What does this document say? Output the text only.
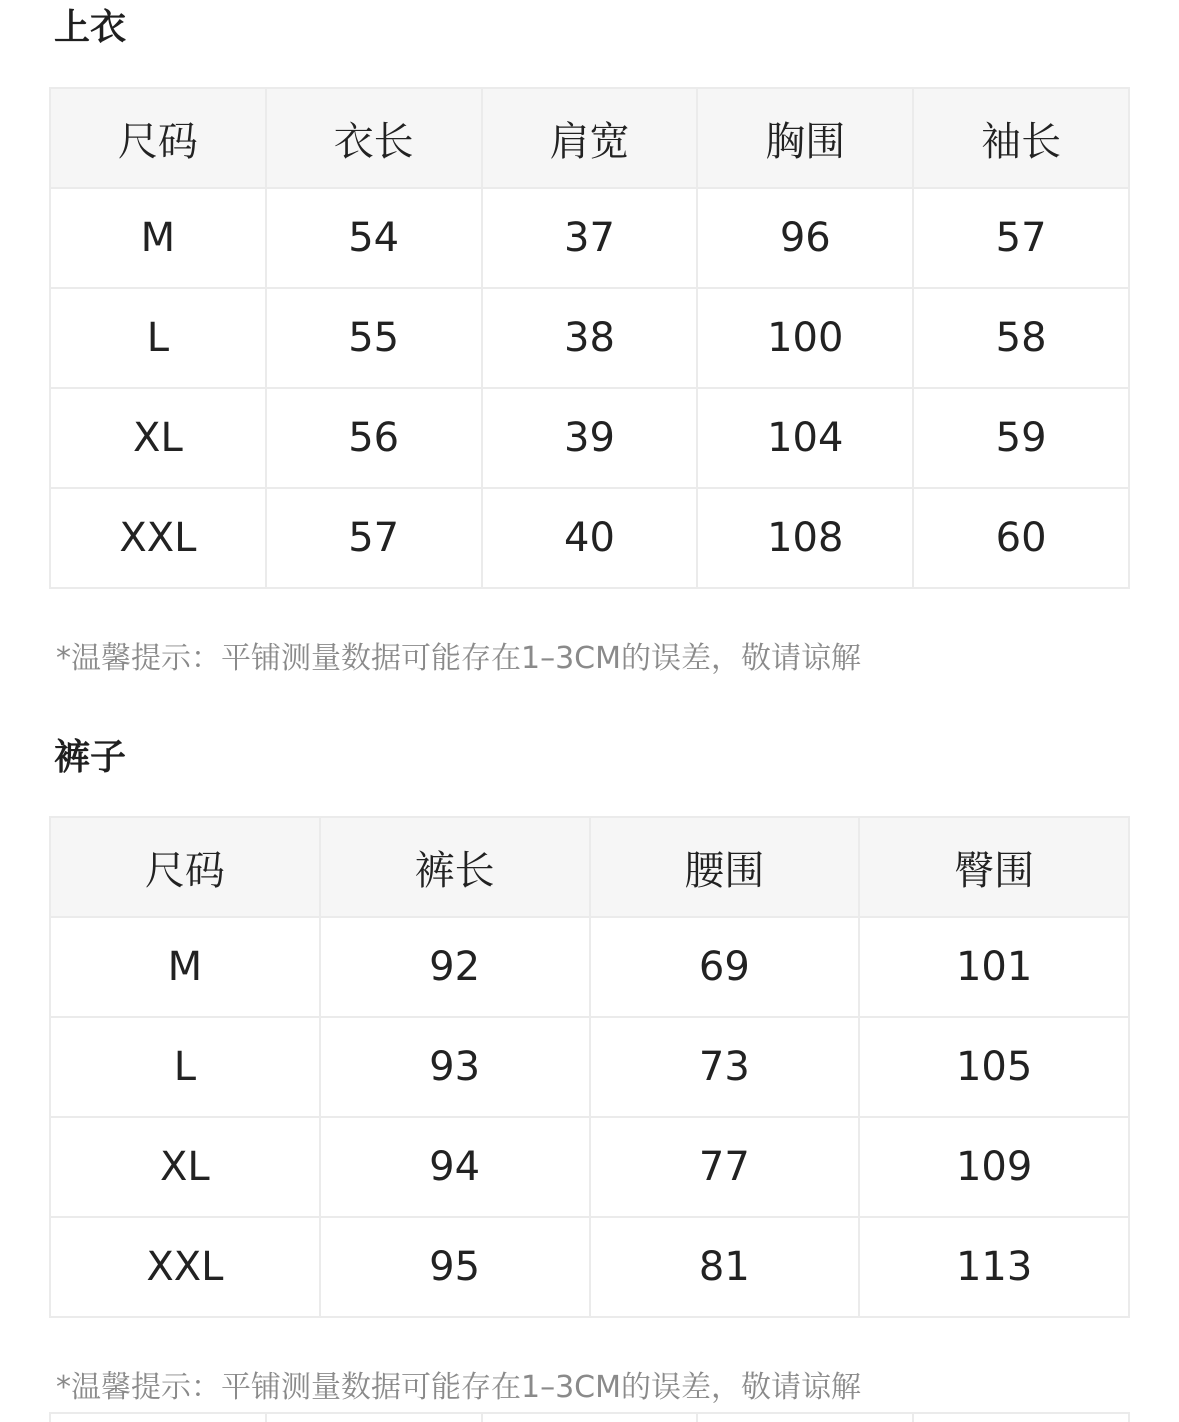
上衣
尺码	衣长	肩宽	胸围	袖长
M	54	37	96	57
L	55	38	100	58
XL	56	39	104	59
XXL	57	40	108	60
*温馨提示：平铺测量数据可能存在1–3CM的误差，敬请谅解
裤子
尺码	裤长	腰围	臀围
M	92	69	101
L	93	73	105
XL	94	77	109
XXL	95	81	113
*温馨提示：平铺测量数据可能存在1–3CM的误差，敬请谅解
